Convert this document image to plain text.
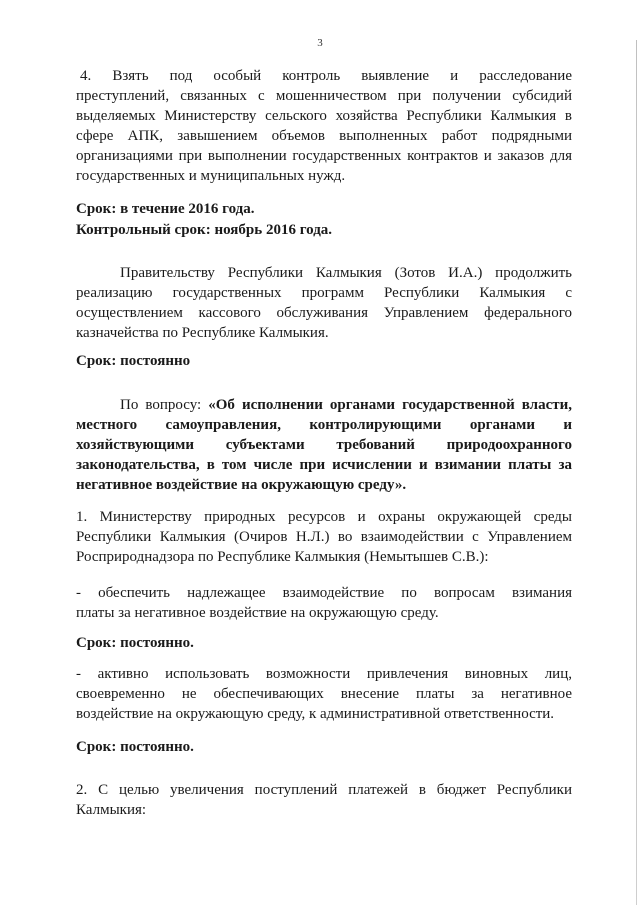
3
4. Взять под особый контроль выявление и расследование
преступлений, связанных с мошенничеством при получении субсидий
выделяемых Министерству сельского хозяйства Республики Калмыкия в
сфере АПК, завышением объемов выполненных работ подрядными
организациями при выполнении государственных контрактов и заказов для
государственных и муниципальных нужд.
Срок: в течение 2016 года.
Контрольный срок: ноябрь 2016 года.
Правительству Республики Калмыкия (Зотов И.А.) продолжить
реализацию государственных программ Республики Калмыкия с
осуществлением кассового обслуживания Управлением федерального
казначейства по Республике Калмыкия.
Срок: постоянно
По вопросу: «Об исполнении органами государственной власти,
местного самоуправления, контролирующими органами и
хозяйствующими субъектами требований природоохранного
законодательства, в том числе при исчислении и взимании платы за
негативное воздействие на окружающую среду».
1. Министерству природных ресурсов и охраны окружающей среды
Республики Калмыкия (Очиров Н.Л.) во взаимодействии с Управлением
Росприроднадзора по Республике Калмыкия (Немытышев С.В.):
- обеспечить надлежащее взаимодействие по вопросам взимания
платы за негативное воздействие на окружающую среду.
Срок: постоянно.
- активно использовать возможности привлечения виновных лиц,
своевременно не обеспечивающих внесение платы за негативное
воздействие на окружающую среду, к административной ответственности.
Срок: постоянно.
2. С целью увеличения поступлений платежей в бюджет Республики
Калмыкия:
